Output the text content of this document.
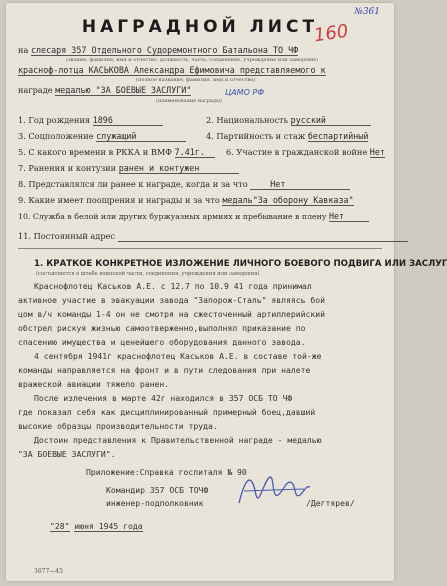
№361
160
НАГРАДНОЙ ЛИСТ
на слесаря 357 Отдельного Судоремонтного Батальона ТО ЧФ
(звание, фамилия, имя и отчество, должность, часть, соединение, учреждение или заведение)
красноф-лотца КАСЬКОВА Александра Ефимовича представляемого к
(полное название, фамилия, имя и отчество)
награде медалью "ЗА БОЕВЫЕ ЗАСЛУГИ"
(наименование награды)
ЦАМО РФ
1. Год рождения 1896	2. Национальность русский
3. Соцположение служащий	4. Партийность и стаж беспартийный
5. С какого времени в РККА и ВМФ 7.41г.	6. Участие в гражданской войне Нет
7. Ранения и контузии ранен и контужен
8. Представлялся ли ранее к награде, когда и за что	Нет
9. Какие имеет поощрения и награды и за что медаль"За оборону Кавказа"
10. Служба в белой или других буржуазных армиях и пребывание в плену Нет
11. Постоянный адрес
1. КРАТКОЕ КОНКРЕТНОЕ ИЗЛОЖЕНИЕ ЛИЧНОГО БОЕВОГО ПОДВИГА ИЛИ ЗАСЛУГ
(составляется в штабе воинской части, соединения, учреждения или заведения)
Краснофлотец Каськов А.Е. с 12.7 по 10.9 41 года принимал
активное участие в эвакуации завода "Запорож-Сталь" являясь бой
цом в/ч команды 1-4 он не смотря на сжесточенный артиллерийский
обстрел рискуя жизнью самоотверженно,выполнял приказание по
спасению имущества и ценейшего оборудования данного завода.
4 сентября 1941г краснофлотец Каськов А.Е. в составе той-же
команды направляется на фронт и в пути следования при налете
вражеской авиации тяжело ранен.
После излечения в марте 42г находился в 357 ОСБ ТО ЧФ
где показал себя как дисциплинированный примерный боец,давший
высокие образцы производительности труда.
Достоин представления к Правительственной награде - медалью
"ЗА БОЕВЫЕ ЗАСЛУГИ".
Приложение:Справка госпиталя № 90
Командир 357 ОСБ ТОЧФ
инженер-подполковник	/Дегтярев/
"28" июня 1945 года
3677—45
